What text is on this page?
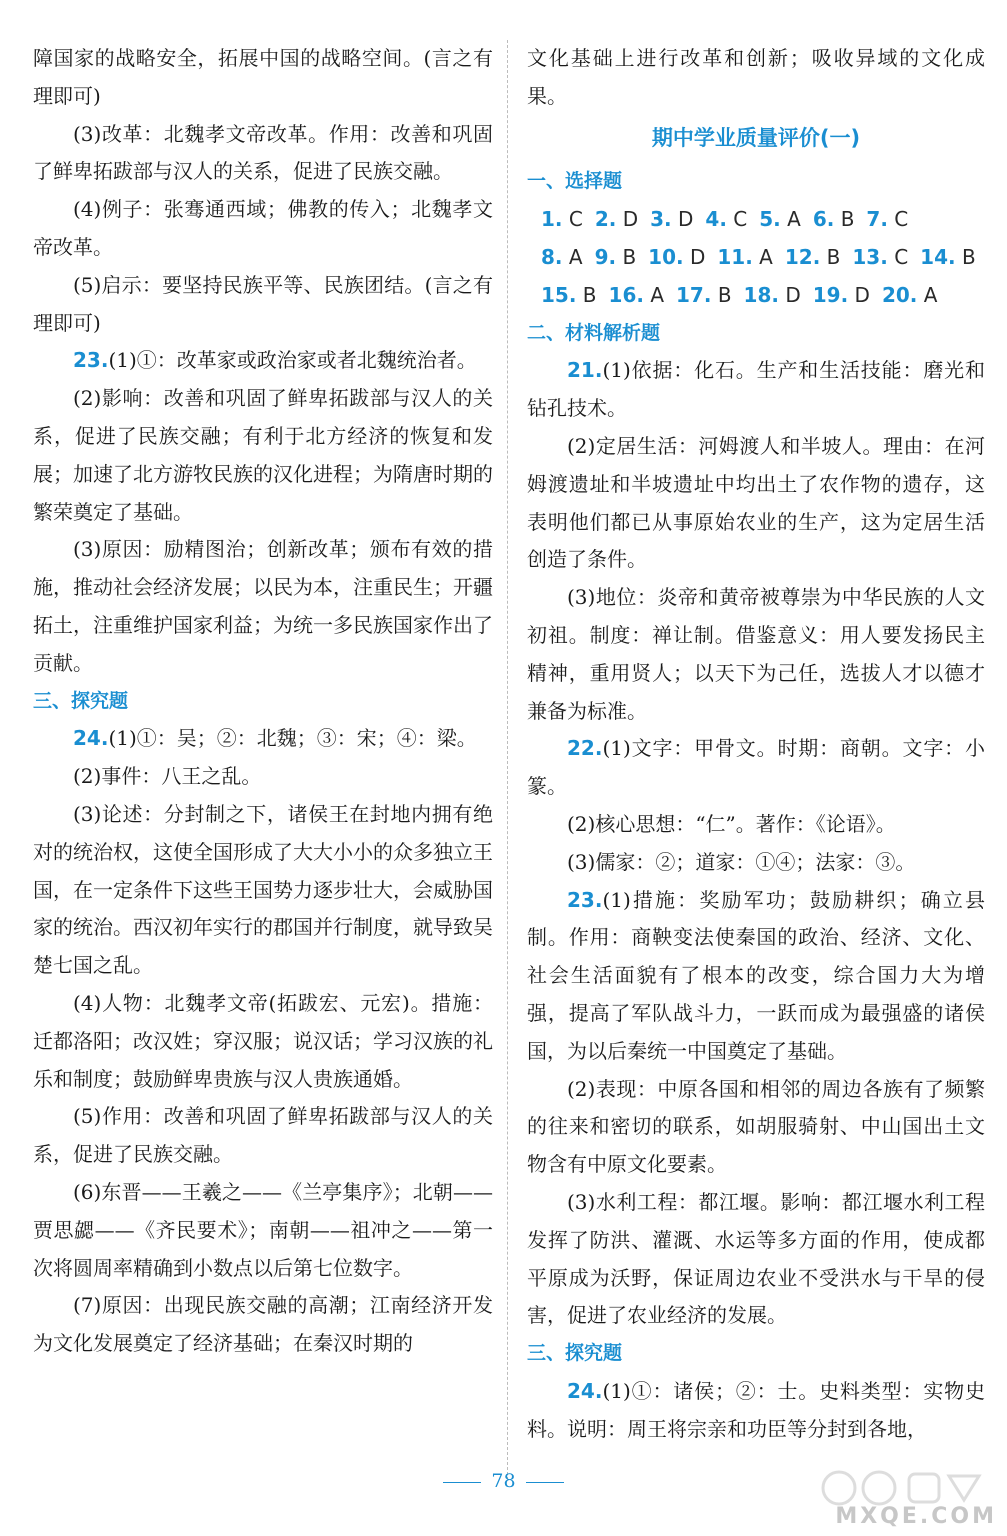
障国家的战略安全，拓展中国的战略空间。(言之有理即可)

(3)改革：北魏孝文帝改革。作用：改善和巩固了鲜卑拓跋部与汉人的关系，促进了民族交融。

(4)例子：张骞通西域；佛教的传入；北魏孝文帝改革。

(5)启示：要坚持民族平等、民族团结。(言之有理即可)

23.(1)①：改革家或政治家或者北魏统治者。

(2)影响：改善和巩固了鲜卑拓跋部与汉人的关系，促进了民族交融；有利于北方经济的恢复和发展；加速了北方游牧民族的汉化进程；为隋唐时期的繁荣奠定了基础。

(3)原因：励精图治；创新改革；颁布有效的措施，推动社会经济发展；以民为本，注重民生；开疆拓土，注重维护国家利益；为统一多民族国家作出了贡献。

三、探究题

24.(1)①：吴；②：北魏；③：宋；④：梁。

(2)事件：八王之乱。

(3)论述：分封制之下，诸侯王在封地内拥有绝对的统治权，这使全国形成了大大小小的众多独立王国，在一定条件下这些王国势力逐步壮大，会威胁国家的统治。西汉初年实行的郡国并行制度，就导致吴楚七国之乱。

(4)人物：北魏孝文帝(拓跋宏、元宏)。措施：迁都洛阳；改汉姓；穿汉服；说汉话；学习汉族的礼乐和制度；鼓励鲜卑贵族与汉人贵族通婚。

(5)作用：改善和巩固了鲜卑拓跋部与汉人的关系，促进了民族交融。

(6)东晋——王羲之——《兰亭集序》；北朝——贾思勰——《齐民要术》；南朝——祖冲之——第一次将圆周率精确到小数点以后第七位数字。

(7)原因：出现民族交融的高潮；江南经济开发为文化发展奠定了经济基础；在秦汉时期的

文化基础上进行改革和创新；吸收异域的文化成果。

期中学业质量评价(一)
一、选择题
1. C 2. D 3. D 4. C 5. A 6. B 7. C
8. A 9. B 10. D 11. A 12. B 13. C 14. B
15. B 16. A 17. B 18. D 19. D 20. A
二、材料解析题

21.(1)依据：化石。生产和生活技能：磨光和钻孔技术。

(2)定居生活：河姆渡人和半坡人。理由：在河姆渡遗址和半坡遗址中均出土了农作物的遗存，这表明他们都已从事原始农业的生产，这为定居生活创造了条件。

(3)地位：炎帝和黄帝被尊崇为中华民族的人文初祖。制度：禅让制。借鉴意义：用人要发扬民主精神，重用贤人；以天下为己任，选拔人才以德才兼备为标准。

22.(1)文字：甲骨文。时期：商朝。文字：小篆。

(2)核心思想：“仁”。著作：《论语》。

(3)儒家：②；道家：①④；法家：③。

23.(1)措施：奖励军功；鼓励耕织；确立县制。作用：商鞅变法使秦国的政治、经济、文化、社会生活面貌有了根本的改变，综合国力大为增强，提高了军队战斗力，一跃而成为最强盛的诸侯国，为以后秦统一中国奠定了基础。

(2)表现：中原各国和相邻的周边各族有了频繁的往来和密切的联系，如胡服骑射、中山国出土文物含有中原文化要素。

(3)水利工程：都江堰。影响：都江堰水利工程发挥了防洪、灌溉、水运等多方面的作用，使成都平原成为沃野，保证周边农业不受洪水与干旱的侵害，促进了农业经济的发展。

三、探究题

24.(1)①：诸侯；②：士。史料类型：实物史料。说明：周王将宗亲和功臣等分封到各地，

78
MXQE.COM
